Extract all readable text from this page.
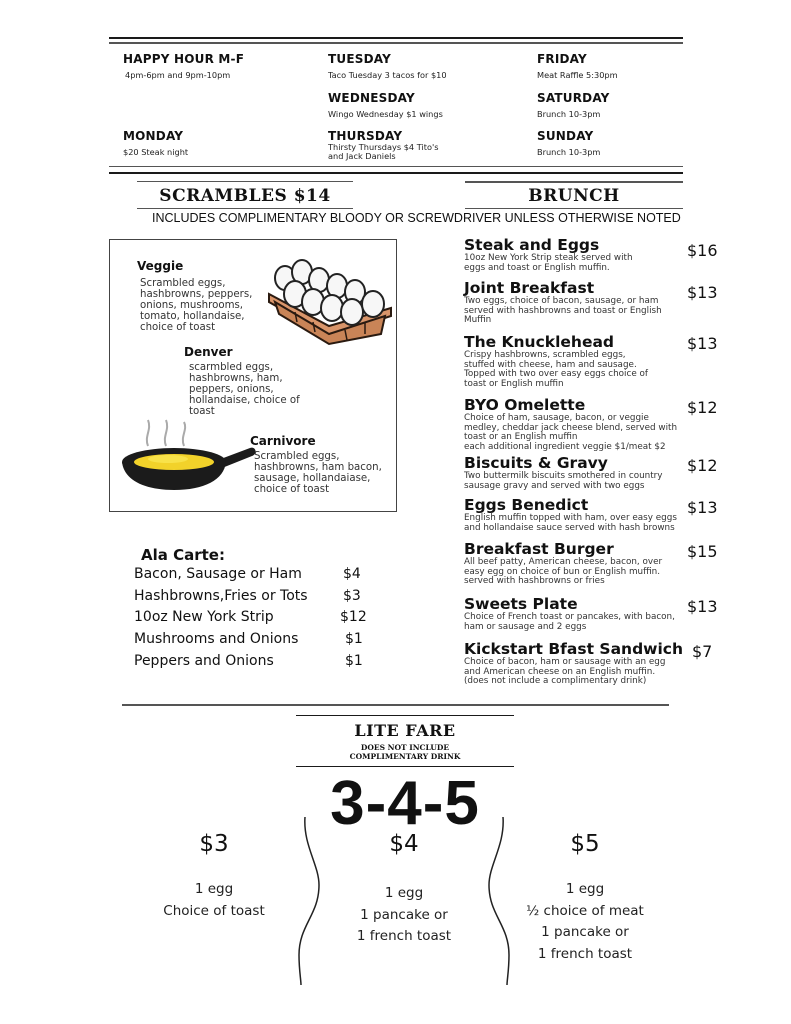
HAPPY HOUR M-F
4pm-6pm and 9pm-10pm
MONDAY
$20 Steak night
TUESDAY
Taco Tuesday 3 tacos for $10
WEDNESDAY
Wingo Wednesday $1 wings
THURSDAY
Thirsty Thursdays $4 Tito's
and Jack Daniels
FRIDAY
Meat Raffle 5:30pm
SATURDAY
Brunch 10-3pm
SUNDAY
Brunch 10-3pm
SCRAMBLES $14	BRUNCH
INCLUDES COMPLIMENTARY BLOODY OR SCREWDRIVER UNLESS OTHERWISE NOTED
Veggie
Scrambled eggs,
hashbrowns, peppers,
onions, mushrooms,
tomato, hollandaise,
choice of toast
Denver
scarmbled eggs,
hashbrowns, ham,
peppers, onions,
hollandaise, choice of
toast
Carnivore
Scrambled eggs,
hashbrowns, ham bacon,
sausage, hollandaiase,
choice of toast
Ala Carte:
Bacon, Sausage or Ham	$4
Hashbrowns,Fries or Tots	$3
10oz New York Strip	$12
Mushrooms and Onions	$1
Peppers and Onions	$1
Steak and Eggs
10oz New York Strip steak served with
eggs and toast or English muffin.
$16
Joint Breakfast
Two eggs, choice of bacon, sausage, or ham
served with hashbrowns and toast or English
Muffin
$13
The Knucklehead
Crispy hashbrowns, scrambled eggs,
stuffed with cheese, ham and sausage.
Topped with two over easy eggs choice of
toast or English muffin
$13
BYO Omelette
Choice of ham, sausage, bacon, or veggie
medley, cheddar jack cheese blend, served with
toast or an English muffin
each additional ingredient veggie $1/meat $2
$12
Biscuits & Gravy
Two buttermilk biscuits smothered in country
sausage gravy and served with two eggs
$12
Eggs Benedict
English muffin topped with ham, over easy eggs
and hollandaise sauce served with hash browns
$13
Breakfast Burger
All beef patty, American cheese, bacon, over
easy egg on choice of bun or English muffin.
served with hashbrowns or fries
$15
Sweets Plate
Choice of French toast or pancakes, with bacon,
ham or sausage and 2 eggs
$13
Kickstart Bfast Sandwich
Choice of bacon, ham or sausage with an egg
and American cheese on an English muffin.
(does not include a complimentary drink)
$7
LITE FARE
DOES NOT INCLUDE
COMPLIMENTARY DRINK
3-4-5
$3
1 egg
Choice of toast
$4
1 egg
1 pancake or
1 french toast
$5
1 egg
½ choice of meat
1 pancake or
1 french toast
